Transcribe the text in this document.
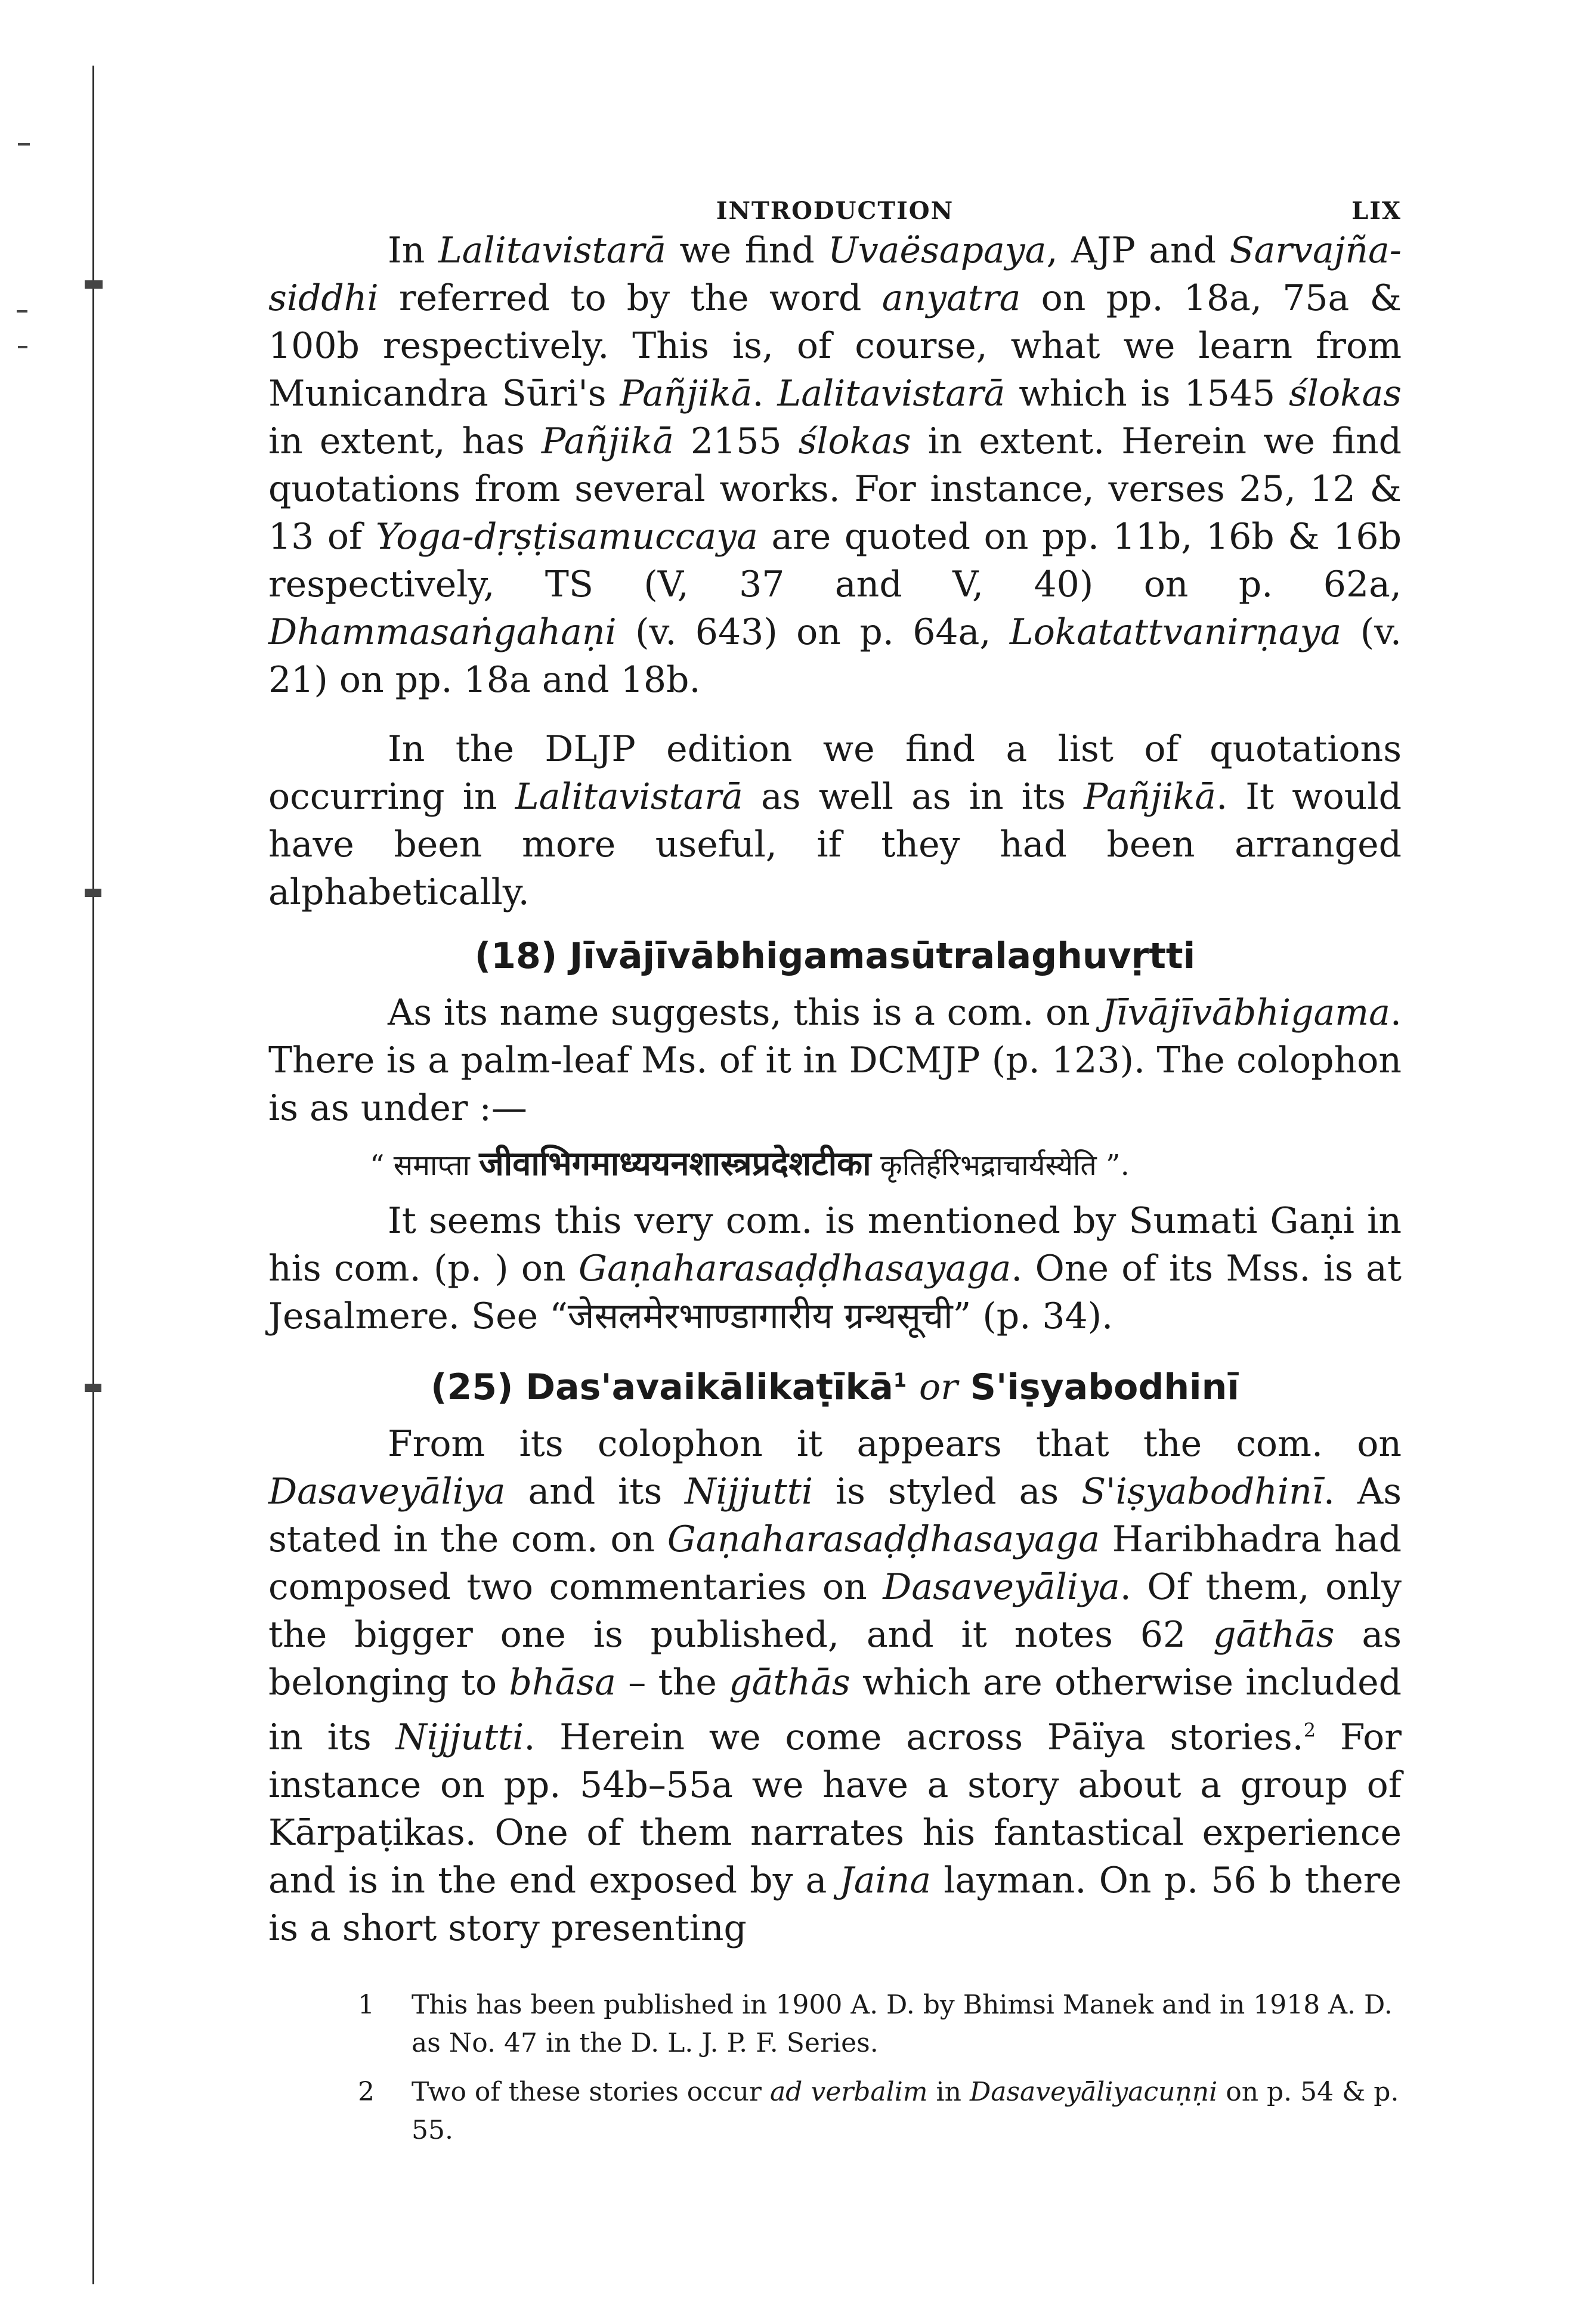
INTRODUCTION	LIX

In Lalitavistarā we find Uvaësapaya, AJP and Sarvajña-siddhi referred to by the word anyatra on pp. 18a, 75a & 100b respectively. This is, of course, what we learn from Municandra Sūri's Pañjikā. Lalitavistarā which is 1545 ślokas in extent, has Pañjikā 2155 ślokas in extent. Herein we find quotations from several works. For instance, verses 25, 12 & 13 of Yoga-dṛṣṭisamuccaya are quoted on pp. 11b, 16b & 16b respectively, TS (V, 37 and V, 40) on p. 62a, Dhammasaṅgahaṇi (v. 643) on p. 64a, Lokatattvanirṇaya (v. 21) on pp. 18a and 18b.

In the DLJP edition we find a list of quotations occurring in Lalitavistarā as well as in its Pañjikā. It would have been more useful, if they had been arranged alphabetically.

(18) Jīvājīvābhigamasūtralaghuvṛtti

As its name suggests, this is a com. on Jīvājīvābhigama. There is a palm-leaf Ms. of it in DCMJP (p. 123). The colophon is as under :—

“ समाप्ता जीवाभिगमाध्ययनशास्त्रप्रदेशटीका कृतिर्हरिभद्राचार्यस्येति ”.

It seems this very com. is mentioned by Sumati Gaṇi in his com. (p. ) on Gaṇaharasaḍḍhasayaga. One of its Mss. is at Jesalmere. See “जेसलमेरभाण्डागारीय ग्रन्थसूची” (p. 34).

(25) Das'avaikālikaṭīkā$^1$ or S'iṣyabodhinī

From its colophon it appears that the com. on Dasaveyāliya and its Nijjutti is styled as S'iṣyabodhinī. As stated in the com. on Gaṇaharasaḍḍhasayaga Haribhadra had composed two commentaries on Dasaveyāliya. Of them, only the bigger one is published, and it notes 62 gāthās as belonging to bhāsa – the gāthās which are otherwise included in its Nijjutti. Herein we come across Pāïya stories.$^2$ For instance on pp. 54b–55a we have a story about a group of Kārpaṭikas. One of them narrates his fantastical experience and is in the end exposed by a Jaina layman. On p. 56 b there is a short story presenting

1 This has been published in 1900 A. D. by Bhimsi Manek and in 1918 A. D. as No. 47 in the D. L. J. P. F. Series.
2 Two of these stories occur ad verbalim in Dasaveyāliyacuṇṇi on p. 54 & p. 55.
